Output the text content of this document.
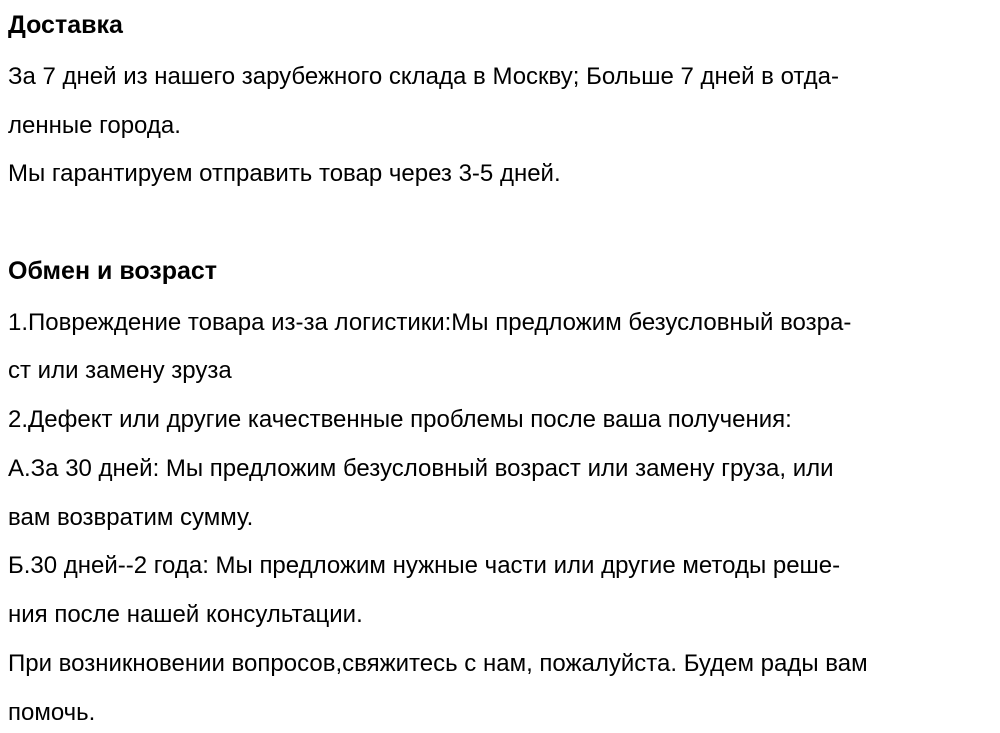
Доставка

За 7 дней из нашего зарубежного склада в Москву; Больше 7 дней в отда-

ленные города.

Мы гарантируем отправить товар через 3-5 дней.

Обмен и возраст

1.Повреждение товара из-за логистики:Мы предложим безусловный возра-

ст или замену зруза

2.Дефект или другие качественные проблемы после ваша получения:

А.За 30 дней: Мы предложим безусловный возраст или замену груза, или

вам возвратим сумму.

Б.30 дней--2 года: Мы предложим нужные части или другие методы реше-

ния после нашей консультации.

При возникновении вопросов,свяжитесь с нам, пожалуйста. Будем рады вам

помочь.
